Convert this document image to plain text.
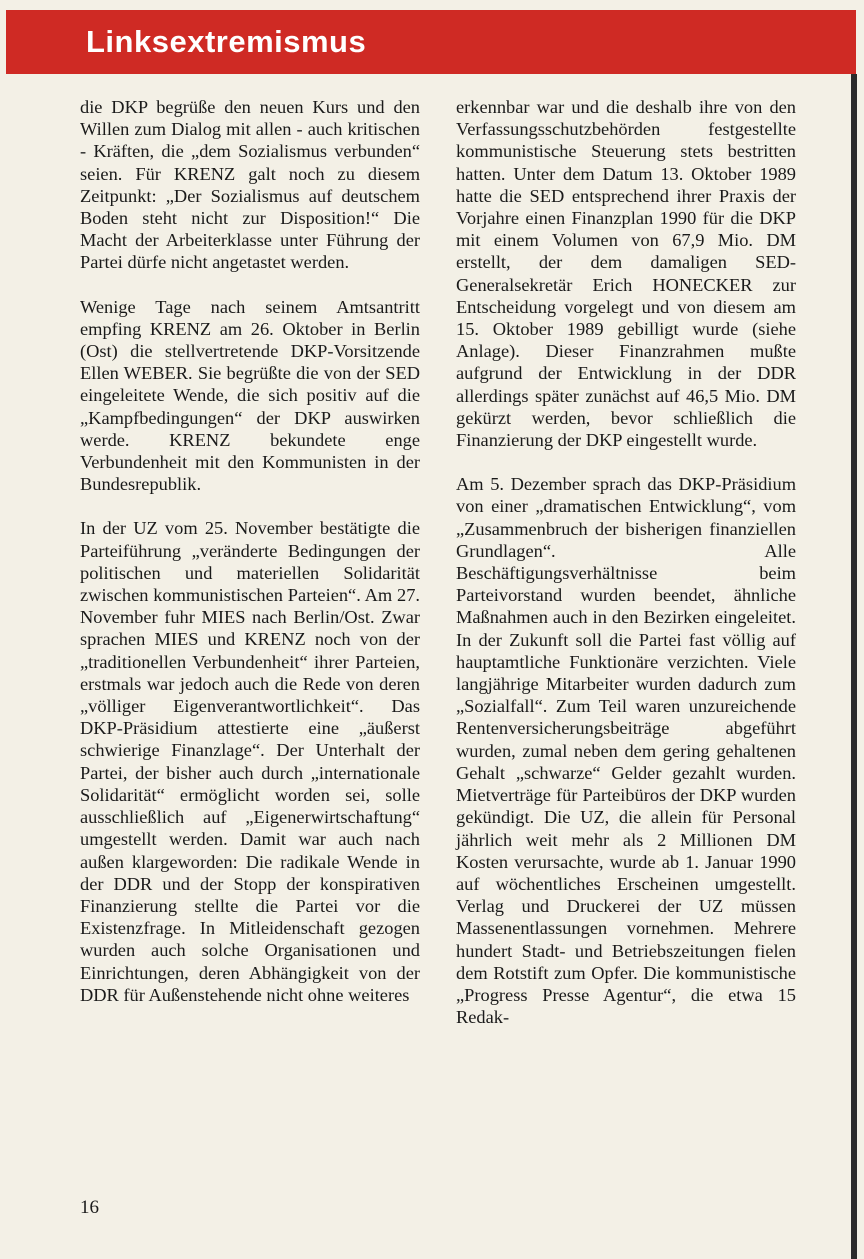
Linksextremismus

die DKP begrüße den neuen Kurs und den Willen zum Dialog mit allen - auch kritischen - Kräften, die „dem Sozialismus verbunden“ seien. Für KRENZ galt noch zu diesem Zeitpunkt: „Der Sozialismus auf deutschem Boden steht nicht zur Disposition!“ Die Macht der Arbeiterklasse unter Führung der Partei dürfe nicht angetastet werden.

Wenige Tage nach seinem Amtsantritt empfing KRENZ am 26. Oktober in Berlin (Ost) die stellvertretende DKP-Vorsitzende Ellen WEBER. Sie begrüßte die von der SED eingeleitete Wende, die sich positiv auf die „Kampfbedingungen“ der DKP auswirken werde. KRENZ bekundete enge Verbundenheit mit den Kommunisten in der Bundesrepublik.

In der UZ vom 25. November bestätigte die Parteiführung „veränderte Bedingungen der politischen und materiellen Solidarität zwischen kommunistischen Parteien“. Am 27. November fuhr MIES nach Berlin/Ost. Zwar sprachen MIES und KRENZ noch von der „traditionellen Verbundenheit“ ihrer Parteien, erstmals war jedoch auch die Rede von deren „völliger Eigenverantwortlichkeit“. Das DKP-Präsidium attestierte eine „äußerst schwierige Finanzlage“. Der Unterhalt der Partei, der bisher auch durch „internationale Solidarität“ ermöglicht worden sei, solle ausschließlich auf „Eigenerwirtschaftung“ umgestellt werden. Damit war auch nach außen klargeworden: Die radikale Wende in der DDR und der Stopp der konspirativen Finanzierung stellte die Partei vor die Existenzfrage. In Mitleidenschaft gezogen wurden auch solche Organisationen und Einrichtungen, deren Abhängigkeit von der DDR für Außenstehende nicht ohne weiteres

erkennbar war und die deshalb ihre von den Verfassungsschutzbehörden festgestellte kommunistische Steuerung stets bestritten hatten. Unter dem Datum 13. Oktober 1989 hatte die SED entsprechend ihrer Praxis der Vorjahre einen Finanzplan 1990 für die DKP mit einem Volumen von 67,9 Mio. DM erstellt, der dem damaligen SED-Generalsekretär Erich HONECKER zur Entscheidung vorgelegt und von diesem am 15. Oktober 1989 gebilligt wurde (siehe Anlage). Dieser Finanzrahmen mußte aufgrund der Entwicklung in der DDR allerdings später zunächst auf 46,5 Mio. DM gekürzt werden, bevor schließlich die Finanzierung der DKP eingestellt wurde.

Am 5. Dezember sprach das DKP-Präsidium von einer „dramatischen Entwicklung“, vom „Zusammenbruch der bisherigen finanziellen Grundlagen“. Alle Beschäftigungsverhältnisse beim Parteivorstand wurden beendet, ähnliche Maßnahmen auch in den Bezirken eingeleitet. In der Zukunft soll die Partei fast völlig auf hauptamtliche Funktionäre verzichten. Viele langjährige Mitarbeiter wurden dadurch zum „Sozialfall“. Zum Teil waren unzureichende Rentenversicherungsbeiträge abgeführt wurden, zumal neben dem gering gehaltenen Gehalt „schwarze“ Gelder gezahlt wurden. Mietverträge für Parteibüros der DKP wurden gekündigt. Die UZ, die allein für Personal jährlich weit mehr als 2 Millionen DM Kosten verursachte, wurde ab 1. Januar 1990 auf wöchentliches Erscheinen umgestellt. Verlag und Druckerei der UZ müssen Massenentlassungen vornehmen. Mehrere hundert Stadt- und Betriebszeitungen fielen dem Rotstift zum Opfer. Die kommunistische „Progress Presse Agentur“, die etwa 15 Redak-

16
